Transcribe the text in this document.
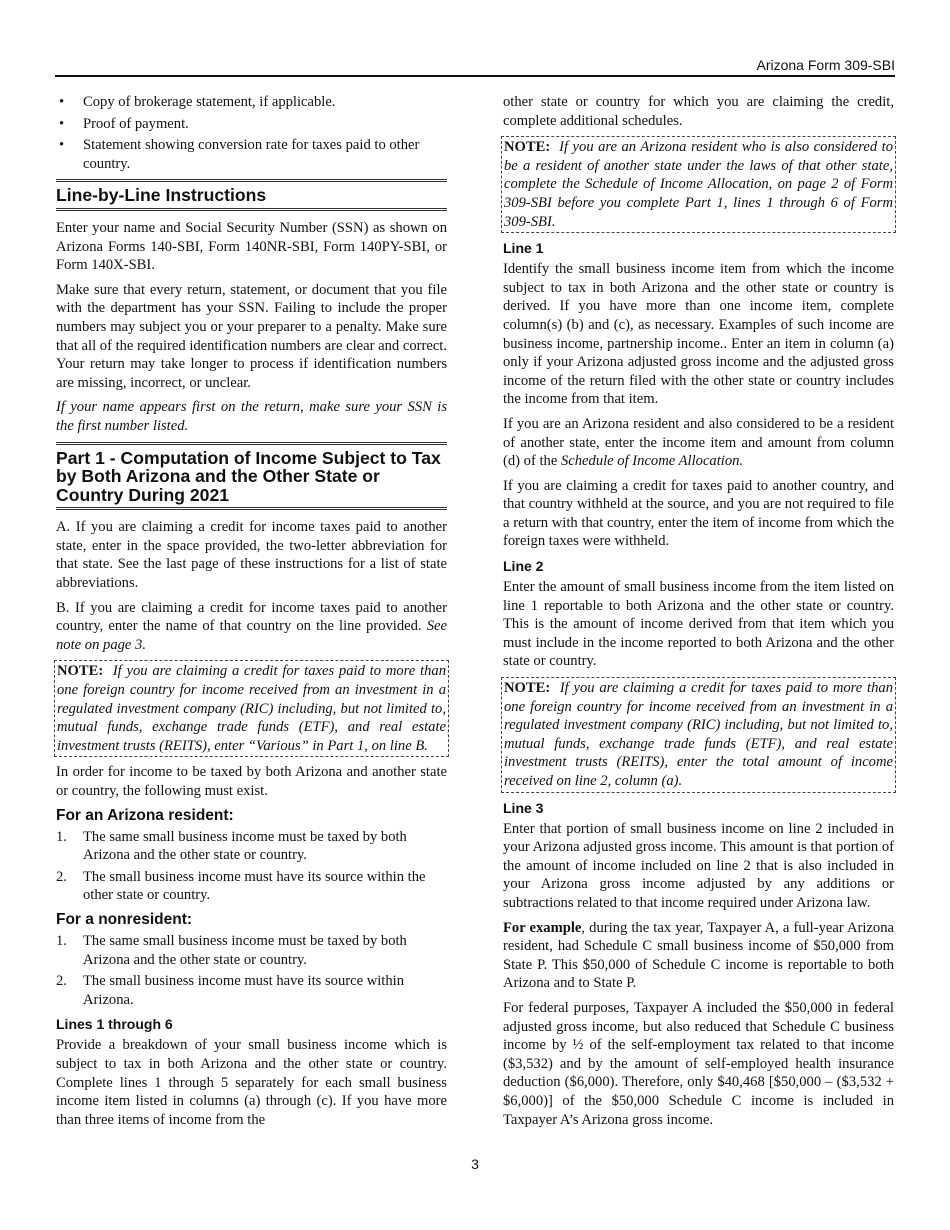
Arizona Form 309-SBI
• Copy of brokerage statement, if applicable.
• Proof of payment.
• Statement showing conversion rate for taxes paid to other country.
Line-by-Line Instructions

Enter your name and Social Security Number (SSN) as shown on Arizona Forms 140-SBI, Form 140NR-SBI, Form 140PY-SBI, or Form 140X-SBI.

Make sure that every return, statement, or document that you file with the department has your SSN. Failing to include the proper numbers may subject you or your preparer to a penalty. Make sure that all of the required identification numbers are clear and correct. Your return may take longer to process if identification numbers are missing, incorrect, or unclear.

If your name appears first on the return, make sure your SSN is the first number listed.

Part 1 - Computation of Income Subject to Tax by Both Arizona and the Other State or Country During 2021

A. If you are claiming a credit for income taxes paid to another state, enter in the space provided, the two-letter abbreviation for that state. See the last page of these instructions for a list of state abbreviations.

B. If you are claiming a credit for income taxes paid to another country, enter the name of that country on the line provided. See note on page 3.

NOTE: If you are claiming a credit for taxes paid to more than one foreign country for income received from an investment in a regulated investment company (RIC) including, but not limited to, mutual funds, exchange trade funds (ETF), and real estate investment trusts (REITS), enter “Various” in Part 1, on line B.

In order for income to be taxed by both Arizona and another state or country, the following must exist.

For an Arizona resident:
1. The same small business income must be taxed by both Arizona and the other state or country.
2. The small business income must have its source within the other state or country.
For a nonresident:
1. The same small business income must be taxed by both Arizona and the other state or country.
2. The small business income must have its source within Arizona.
Lines 1 through 6

Provide a breakdown of your small business income which is subject to tax in both Arizona and the other state or country. Complete lines 1 through 5 separately for each small business income item listed in columns (a) through (c). If you have more than three items of income from the

other state or country for which you are claiming the credit, complete additional schedules.

NOTE: If you are an Arizona resident who is also considered to be a resident of another state under the laws of that other state, complete the Schedule of Income Allocation, on page 2 of Form 309-SBI before you complete Part 1, lines 1 through 6 of Form 309-SBI.
Line 1

Identify the small business income item from which the income subject to tax in both Arizona and the other state or country is derived. If you have more than one income item, complete column(s) (b) and (c), as necessary. Examples of such income are business income, partnership income.. Enter an item in column (a) only if your Arizona adjusted gross income and the adjusted gross income of the return filed with the other state or country includes the income from that item.

If you are an Arizona resident and also considered to be a resident of another state, enter the income item and amount from column (d) of the Schedule of Income Allocation.

If you are claiming a credit for taxes paid to another country, and that country withheld at the source, and you are not required to file a return with that country, enter the item of income from which the foreign taxes were withheld.

Line 2

Enter the amount of small business income from the item listed on line 1 reportable to both Arizona and the other state or country. This is the amount of income derived from that item which you must include in the income reported to both Arizona and the other state or country.

NOTE: If you are claiming a credit for taxes paid to more than one foreign country for income received from an investment in a regulated investment company (RIC) including, but not limited to, mutual funds, exchange trade funds (ETF), and real estate investment trusts (REITS), enter the total amount of income received on line 2, column (a).
Line 3

Enter that portion of small business income on line 2 included in your Arizona adjusted gross income. This amount is that portion of the amount of income included on line 2 that is also included in your Arizona gross income adjusted by any additions or subtractions related to that income required under Arizona law.

For example, during the tax year, Taxpayer A, a full-year Arizona resident, had Schedule C small business income of $50,000 from State P. This $50,000 of Schedule C income is reportable to both Arizona and to State P.

For federal purposes, Taxpayer A included the $50,000 in federal adjusted gross income, but also reduced that Schedule C business income by ½ of the self-employment tax related to that income ($3,532) and by the amount of self-employed health insurance deduction ($6,000). Therefore, only $40,468 [$50,000 – ($3,532 + $6,000)] of the $50,000 Schedule C income is included in Taxpayer A’s Arizona gross income.

3
